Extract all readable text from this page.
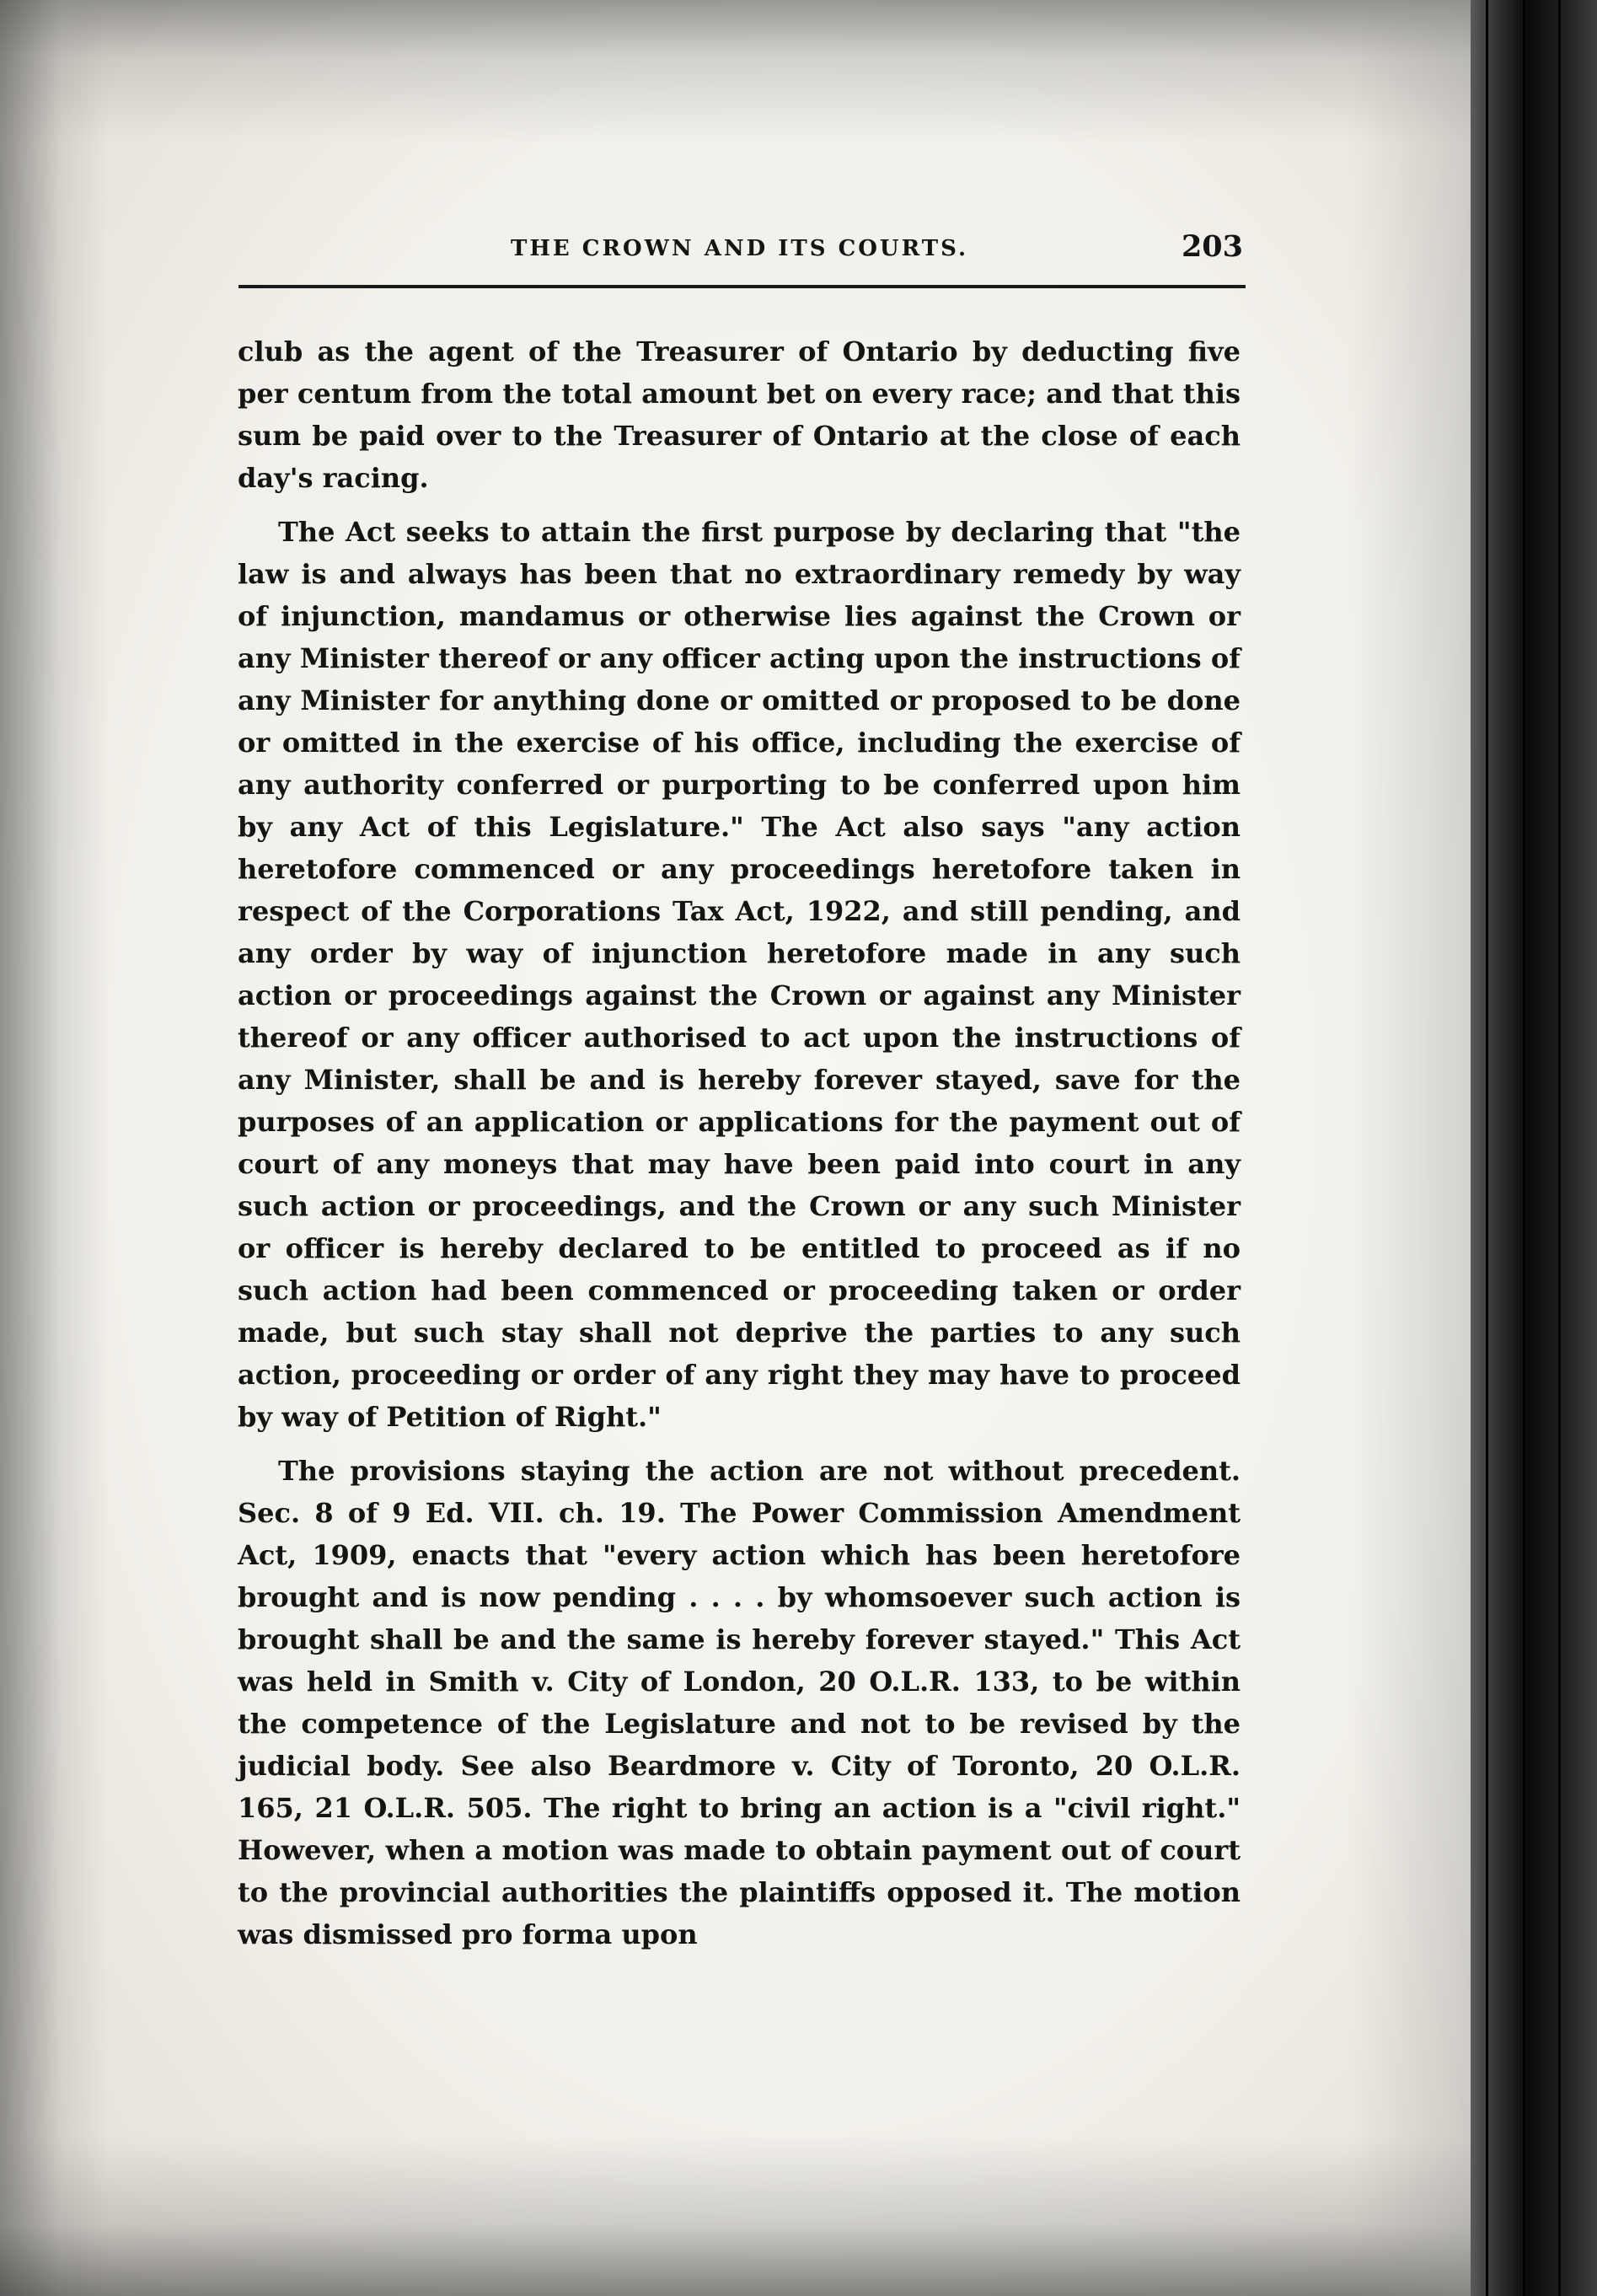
THE CROWN AND ITS COURTS.	203

club as the agent of the Treasurer of Ontario by deducting five per centum from the total amount bet on every race; and that this sum be paid over to the Treasurer of Ontario at the close of each day's racing.

The Act seeks to attain the first purpose by declaring that "the law is and always has been that no extraordinary remedy by way of injunction, mandamus or otherwise lies against the Crown or any Minister thereof or any officer acting upon the instructions of any Minister for anything done or omitted or proposed to be done or omitted in the exercise of his office, including the exercise of any authority conferred or purporting to be conferred upon him by any Act of this Legislature." The Act also says "any action heretofore commenced or any proceedings heretofore taken in respect of the Corporations Tax Act, 1922, and still pending, and any order by way of injunction heretofore made in any such action or proceedings against the Crown or against any Minister thereof or any officer authorised to act upon the instructions of any Minister, shall be and is hereby forever stayed, save for the purposes of an application or applications for the payment out of court of any moneys that may have been paid into court in any such action or proceedings, and the Crown or any such Minister or officer is hereby declared to be entitled to proceed as if no such action had been commenced or proceeding taken or order made, but such stay shall not deprive the parties to any such action, proceeding or order of any right they may have to proceed by way of Petition of Right."

The provisions staying the action are not without precedent. Sec. 8 of 9 Ed. VII. ch. 19. The Power Commission Amendment Act, 1909, enacts that "every action which has been heretofore brought and is now pending . . . . by whomsoever such action is brought shall be and the same is hereby forever stayed." This Act was held in Smith v. City of London, 20 O.L.R. 133, to be within the competence of the Legislature and not to be revised by the judicial body. See also Beardmore v. City of Toronto, 20 O.L.R. 165, 21 O.L.R. 505. The right to bring an action is a "civil right." However, when a motion was made to obtain payment out of court to the provincial authorities the plaintiffs opposed it. The motion was dismissed pro forma upon
